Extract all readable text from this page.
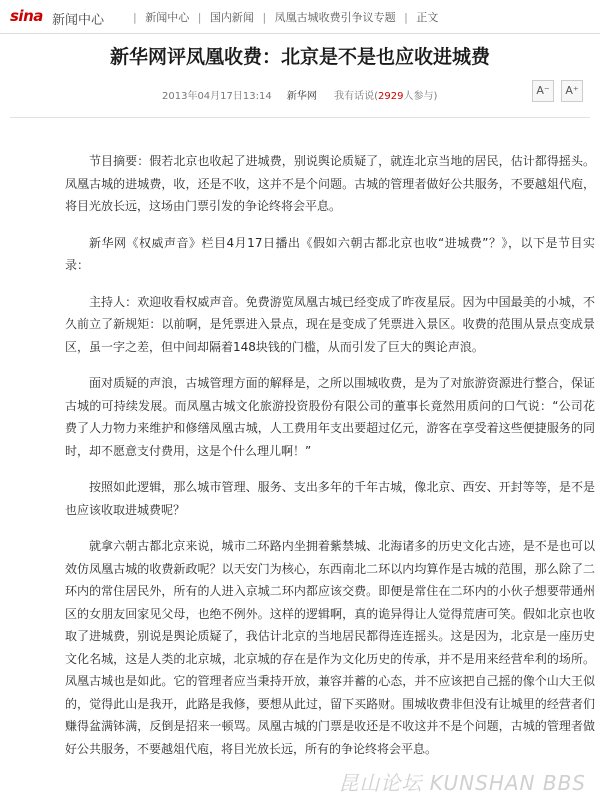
sina 新闻中心	| 新闻中心 | 国内新闻 | 凤凰古城收费引争议专题 | 正文
新华网评凤凰收费：北京是不是也应收进城费
2013年04月17日13:14 新华网 我有话说(2929人参与)	A⁻	A⁺

节目摘要：假若北京也收起了进城费，别说舆论质疑了，就连北京当地的居民，估计都得摇头。凤凰古城的进城费，收，还是不收，这并不是个问题。古城的管理者做好公共服务，不要越俎代庖，将目光放长远，这场由门票引发的争论终将会平息。

新华网《权威声音》栏目4月17日播出《假如六朝古都北京也收“进城费”？》，以下是节目实录：

主持人：欢迎收看权威声音。免费游览凤凰古城已经变成了昨夜星辰。因为中国最美的小城，不久前立了新规矩：以前啊，是凭票进入景点，现在是变成了凭票进入景区。收费的范围从景点变成景区，虽一字之差，但中间却隔着148块钱的门槛，从而引发了巨大的舆论声浪。

面对质疑的声浪，古城管理方面的解释是，之所以围城收费，是为了对旅游资源进行整合，保证古城的可持续发展。而凤凰古城文化旅游投资股份有限公司的董事长竟然用质问的口气说：“公司花费了人力物力来维护和修缮凤凰古城，人工费用年支出要超过亿元，游客在享受着这些便捷服务的同时，却不愿意支付费用，这是个什么理儿啊！”

按照如此逻辑，那么城市管理、服务、支出多年的千年古城，像北京、西安、开封等等，是不是也应该收取进城费呢？

就拿六朝古都北京来说，城市二环路内坐拥着紫禁城、北海诸多的历史文化古迹，是不是也可以效仿凤凰古城的收费新政呢？以天安门为核心，东西南北二环以内均算作是古城的范围，那么除了二环内的常住居民外，所有的人进入京城二环内都应该交费。即便是常住在二环内的小伙子想要带通州区的女朋友回家见父母，也绝不例外。这样的逻辑啊，真的诡异得让人觉得荒唐可笑。假如北京也收取了进城费，别说是舆论质疑了，我估计北京的当地居民都得连连摇头。这是因为，北京是一座历史文化名城，这是人类的北京城，北京城的存在是作为文化历史的传承，并不是用来经营牟利的场所。凤凰古城也是如此。它的管理者应当秉持开放，兼容并蓄的心态，并不应该把自己摇的像个山大王似的，觉得此山是我开，此路是我修，要想从此过，留下买路财。围城收费非但没有让城里的经营者们赚得盆满钵满，反倒是招来一顿骂。凤凰古城的门票是收还是不收这并不是个问题，古城的管理者做好公共服务，不要越俎代庖，将目光放长远，所有的争论终将会平息。

昆山论坛 KUNSHAN BBS
